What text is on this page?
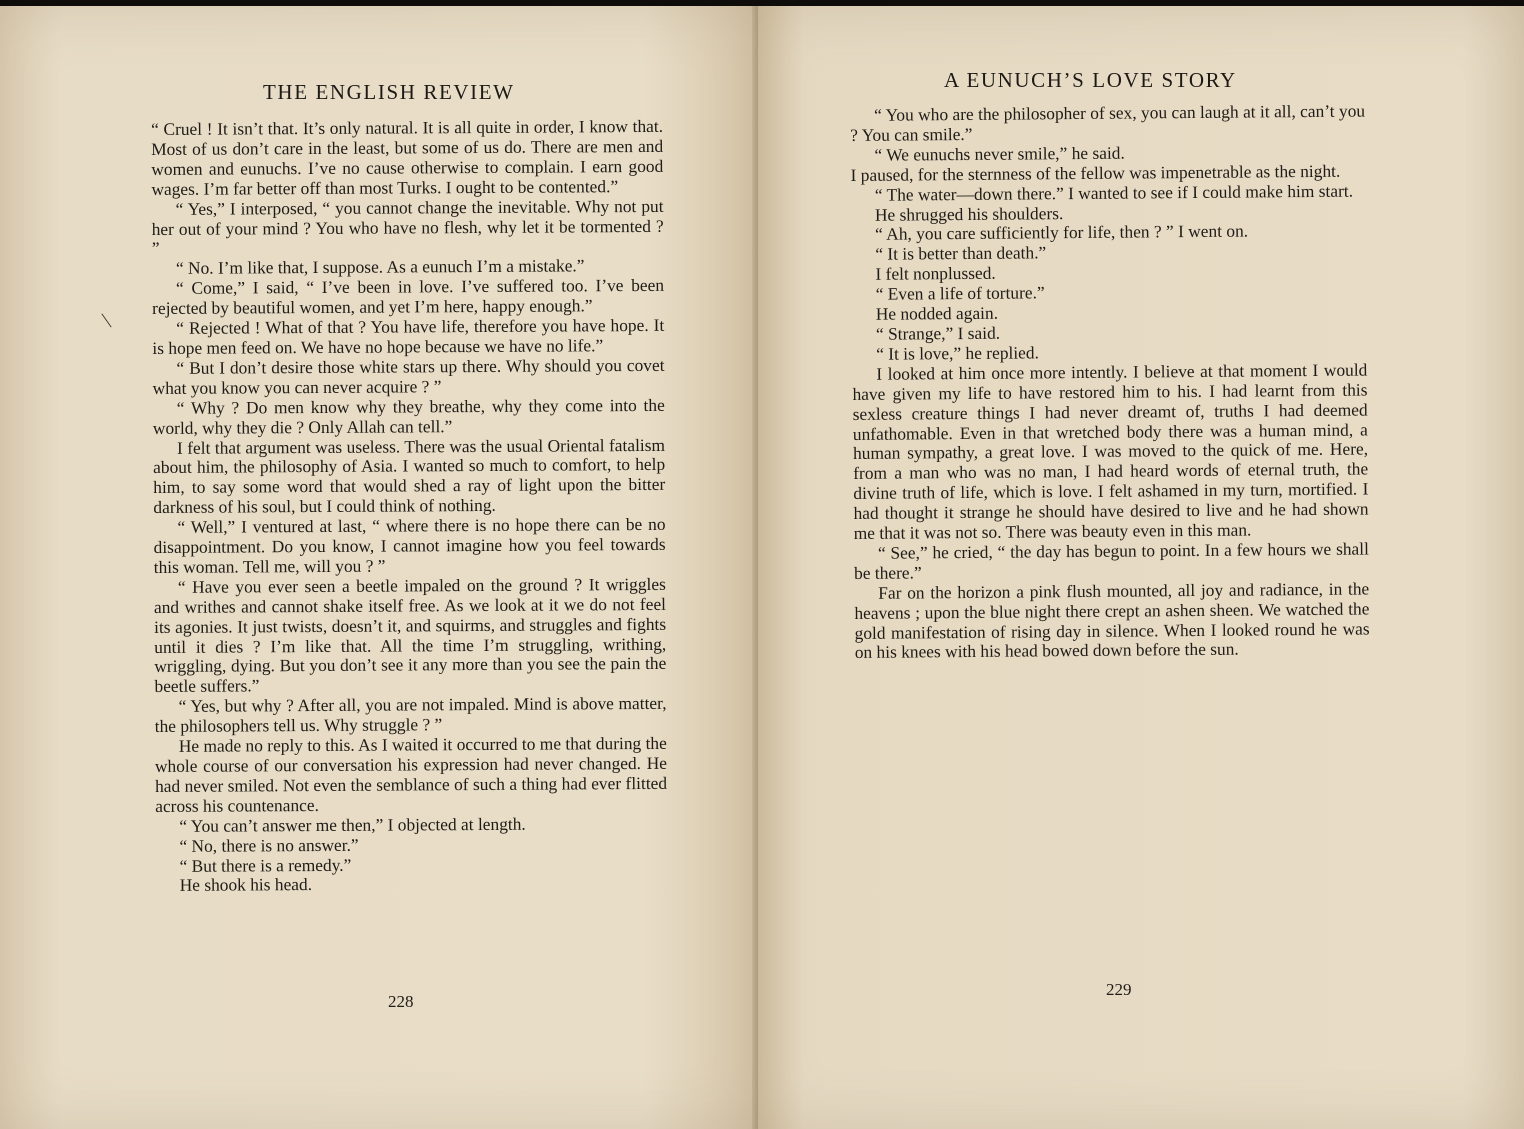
THE ENGLISH REVIEW

“ Cruel ! It isn’t that. It’s only natural. It is all quite in order, I know that. Most of us don’t care in the least, but some of us do. There are men and women and eunuchs. I’ve no cause otherwise to complain. I earn good wages. I’m far better off than most Turks. I ought to be contented.”

“ Yes,” I interposed, “ you cannot change the inevitable. Why not put her out of your mind ? You who have no flesh, why let it be tormented ? ”

“ No. I’m like that, I suppose. As a eunuch I’m a mistake.”

“ Come,” I said, “ I’ve been in love. I’ve suffered too. I’ve been rejected by beautiful women, and yet I’m here, happy enough.”

“ Rejected ! What of that ? You have life, therefore you have hope. It is hope men feed on. We have no hope because we have no life.”

“ But I don’t desire those white stars up there. Why should you covet what you know you can never acquire ? ”

“ Why ? Do men know why they breathe, why they come into the world, why they die ? Only Allah can tell.”

I felt that argument was useless. There was the usual Oriental fatalism about him, the philosophy of Asia. I wanted so much to comfort, to help him, to say some word that would shed a ray of light upon the bitter darkness of his soul, but I could think of nothing.

“ Well,” I ventured at last, “ where there is no hope there can be no disappointment. Do you know, I cannot imagine how you feel towards this woman. Tell me, will you ? ”

“ Have you ever seen a beetle impaled on the ground ? It wriggles and writhes and cannot shake itself free. As we look at it we do not feel its agonies. It just twists, doesn’t it, and squirms, and struggles and fights until it dies ? I’m like that. All the time I’m struggling, writhing, wriggling, dying. But you don’t see it any more than you see the pain the beetle suffers.”

“ Yes, but why ? After all, you are not impaled. Mind is above matter, the philosophers tell us. Why struggle ? ”

He made no reply to this. As I waited it occurred to me that during the whole course of our conversation his expression had never changed. He had never smiled. Not even the semblance of such a thing had ever flitted across his countenance.

“ You can’t answer me then,” I objected at length.

“ No, there is no answer.”

“ But there is a remedy.”

He shook his head.

228
|
A EUNUCH’S LOVE STORY

“ You who are the philosopher of sex, you can laugh at it all, can’t you ? You can smile.”

“ We eunuchs never smile,” he said.

I paused, for the sternness of the fellow was impenetrable as the night.

“ The water—down there.” I wanted to see if I could make him start.

He shrugged his shoulders.

“ Ah, you care sufficiently for life, then ? ” I went on.

“ It is better than death.”

I felt nonplussed.

“ Even a life of torture.”

He nodded again.

“ Strange,” I said.

“ It is love,” he replied.

I looked at him once more intently. I believe at that moment I would have given my life to have restored him to his. I had learnt from this sexless creature things I had never dreamt of, truths I had deemed unfathomable. Even in that wretched body there was a human mind, a human sympathy, a great love. I was moved to the quick of me. Here, from a man who was no man, I had heard words of eternal truth, the divine truth of life, which is love. I felt ashamed in my turn, mortified. I had thought it strange he should have desired to live and he had shown me that it was not so. There was beauty even in this man.

“ See,” he cried, “ the day has begun to point. In a few hours we shall be there.”

Far on the horizon a pink flush mounted, all joy and radiance, in the heavens ; upon the blue night there crept an ashen sheen. We watched the gold manifestation of rising day in silence. When I looked round he was on his knees with his head bowed down before the sun.

229
